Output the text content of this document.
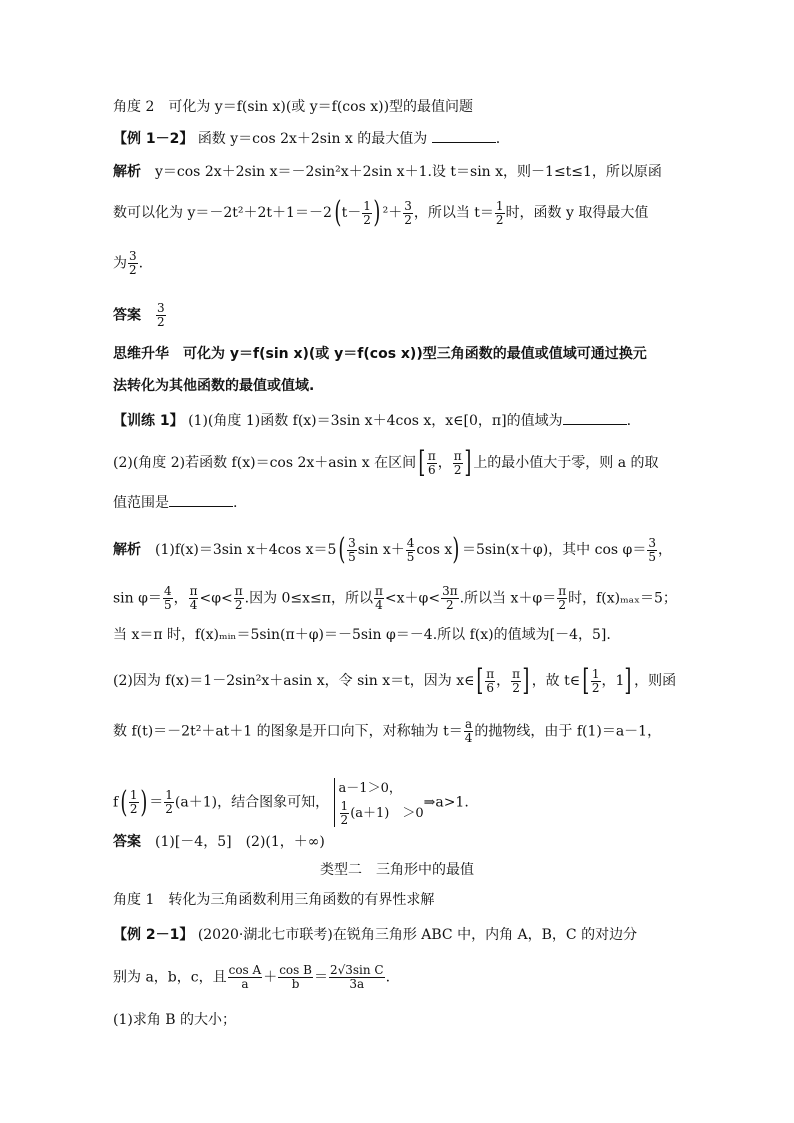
角度 2　可化为 y＝f(sin x)(或 y＝f(cos x))型的最值问题
【例 1－2】 函数 y＝cos 2x＋2sin x 的最大值为	.
解析　 y＝cos 2x＋2sin x＝－2sin²x＋2sin x＋1.设 t＝sin x，则－1≤t≤1，所以原函
数可以化为 $y=-2t^2+2t+1=-2(t- \frac{1}{2}$ ) $^2+ \frac{3}{2}$ ，所以当 $t= \frac{1}{2}$ 时，函数 y 取得最大值
为 $\frac{3}{2}$ .
答案　 $\frac{3}{2}$
思维升华　 可化为 y＝f(sin x)(或 y＝f(cos x))型三角函数的最值或值域可通过换元
法转化为其他函数的最值或值域.
【训练 1】 (1)(角度 1)函数 f(x)＝3sin x＋4cos x，x∈[0，π]的值域为	.
(2)(角度 2)若函数 f(x)＝cos 2x＋asin x 在区间[ $\frac{\pi}{6}$ ， $\frac{\pi}{2}$ ] 上的最小值大于零，则 a 的取
值范围是	.
解析　 (1)f(x)＝3sin x＋4cos $x=5( \frac{3}{5}$ $\sin x+ \frac{4}{5}$ cos x) ＝5sin(x＋φ)，其中 $\cos \varphi= \frac{3}{5}$ ，
$\sin \varphi= \frac{4}{5}$ ， $\frac{\pi}{4} <\varphi< \frac{\pi}{2}$ .因为 0≤x≤π，所以 $\frac{\pi}{4} <x+\varphi< \frac{3\pi}{2}$ .所以当 $x+\varphi= \frac{\pi}{2}$ 时，f(x)ₘₐₓ＝5；
当 x＝π 时，f(x)ₘᵢₙ＝5sin(π＋φ)＝－5sin φ＝－4.所以 f(x)的值域为[－4，5].
(2)因为 f(x)＝1－2sin²x＋asin x，令 sin x＝t，因为 x∈[ $\frac{\pi}{6}$ ， $\frac{\pi}{2}$ ] ，故 t∈[ $\frac{1}{2}$ ，1] ，则函
数 f(t)＝－2t²＋at＋1 的图象是开口向下，对称轴为 $t= \frac{a}{4}$ 的抛物线，由于 f(1)＝a－1，
$f( \frac{1}{2}$ ) ＝ $\frac{1}{2} (a+1)$，结合图象可知，
a－1＞0，
$\frac{1}{2} (a+1)$　＞0
⇒a>1.
答案　 (1)[－4，5]　(2)(1，＋∞)
类型二　三角形中的最值
角度 1　转化为三角函数利用三角函数的有界性求解
【例 2－1】 (2020·湖北七市联考)在锐角三角形 ABC 中，内角 A，B，C 的对边分
别为 a，b，c，且 $\frac{\text{cos A}}{a} + \frac{\text{cos B}}{b} = \frac{\text{2√3sin C}}{3a}$ .
(1)求角 B 的大小；
